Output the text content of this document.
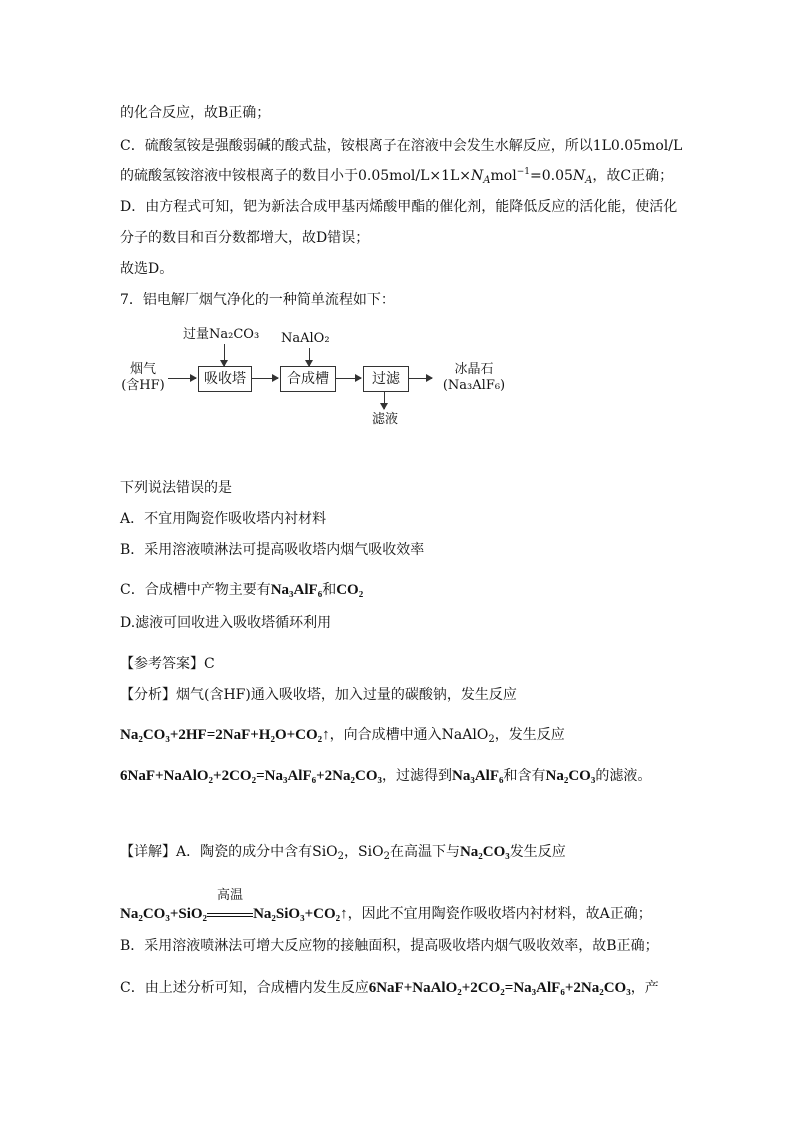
的化合反应，故B正确；
C．硫酸氢铵是强酸弱碱的酸式盐，铵根离子在溶液中会发生水解反应，所以1L0.05mol/L
的硫酸氢铵溶液中铵根离子的数目小于$0.05mol/L\times 1L\times N_Amol^{-1}=0.05N_A$，故C正确；
D．由方程式可知，钯为新法合成甲基丙烯酸甲酯的催化剂，能降低反应的活化能，使活化
分子的数目和百分数都增大，故D错误；
故选D。
7．铝电解厂烟气净化的一种简单流程如下：
过量Na₂CO₃ NaAlO₂
烟气
(含HF)	吸收塔	合成槽	过滤
冰晶石
(Na₃AlF₆)
滤液
下列说法错误的是
A．不宜用陶瓷作吸收塔内衬材料
B．采用溶液喷淋法可提高吸收塔内烟气吸收效率
C．合成槽中产物主要有Na₃AlF₆和CO₂
D.滤液可回收进入吸收塔循环利用
【参考答案】C
【分析】烟气(含HF)通入吸收塔，加入过量的碳酸钠，发生反应
Na₂CO₃+2HF=2NaF+H₂O+CO₂↑，向合成槽中通入NaAlO$_2$，发生反应
6NaF+NaAlO₂+2CO₂=Na₃AlF₆+2Na₂CO₃，过滤得到Na₃AlF₆和含有Na₂CO₃的滤液。
【详解】A．陶瓷的成分中含有SiO$_2$，SiO$_2$在高温下与Na₂CO₃发生反应
Na₂CO₃+SiO₂
高温
Na₂SiO₃+CO₂↑，因此不宜用陶瓷作吸收塔内衬材料，故A正确；
B．采用溶液喷淋法可增大反应物的接触面积，提高吸收塔内烟气吸收效率，故B正确；
C．由上述分析可知，合成槽内发生反应6NaF+NaAlO₂+2CO₂=Na₃AlF₆+2Na₂CO₃，产
